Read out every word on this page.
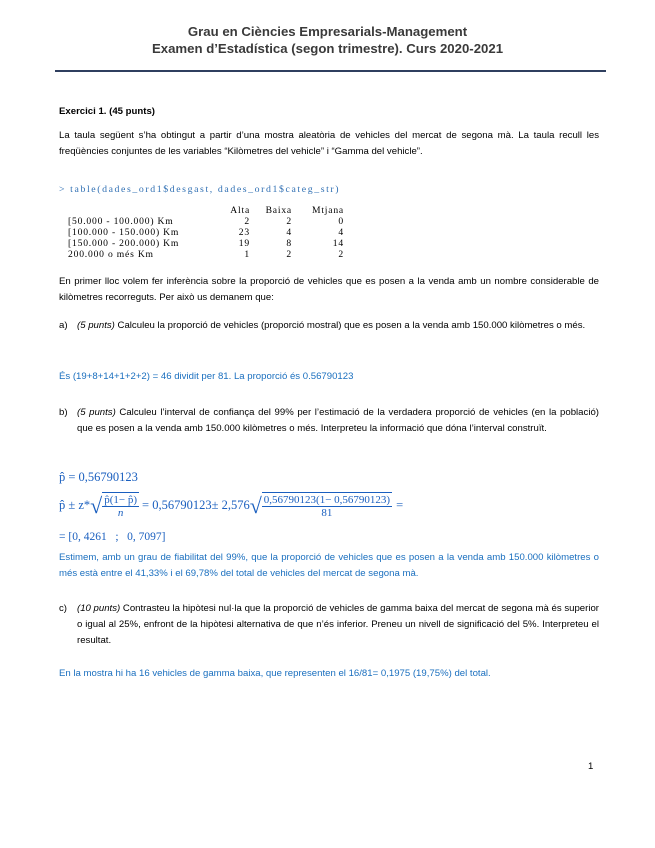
Grau en Ciències Empresarials-Management
Examen d’Estadística (segon trimestre). Curs 2020-2021
Exercici 1. (45 punts)
La taula següent s’ha obtingut a partir d’una mostra aleatòria de vehicles del mercat de segona mà. La taula recull les freqüències conjuntes de les variables “Kilòmetres del vehicle” i “Gamma del vehicle”.
> table(dades_ord1$desgast, dades_ord1$categ_str)
	Alta	Baixa	Mtjana
[50.000 - 100.000) Km	2	2	0
[100.000 - 150.000) Km	23	4	4
[150.000 - 200.000) Km	19	8	14
200.000 o més Km	1	2	2
En primer lloc volem fer inferència sobre la proporció de vehicles que es posen a la venda amb un nombre considerable de kilòmetres recorreguts. Per això us demanem que:
a) (5 punts) Calculeu la proporció de vehicles (proporció mostral) que es posen a la venda amb 150.000 kilòmetres o més.
És (19+8+14+1+2+2) = 46 dividit per 81. La proporció és 0.56790123
b) (5 punts) Calculeu l’interval de confiança del 99% per l’estimació de la verdadera proporció de vehicles (en la població) que es posen a la venda amb 150.000 kilòmetres o més. Interpreteu la informació que dóna l’interval construït.
p̂ = 0,56790123
p̂ ± z* √ $\frac{p̂(1- p̂)}{n} = 0,56790123\pm 2,576$ √ $\frac{0,56790123(1- 0,56790123)}{81}$ =
= [0, 4261   ;   0, 7097]
Estimem, amb un grau de fiabilitat del 99%, que la proporció de vehicles que es posen a la venda amb 150.000 kilòmetres o més està entre el 41,33% i el 69,78% del total de vehicles del mercat de segona mà.
c) (10 punts) Contrasteu la hipòtesi nul·la que la proporció de vehicles de gamma baixa del mercat de segona mà és superior o igual al 25%, enfront de la hipòtesi alternativa de que n’és inferior. Preneu un nivell de significació del 5%. Interpreteu el resultat.
En la mostra hi ha 16 vehicles de gamma baixa, que representen el 16/81= 0,1975 (19,75%) del total.
1
